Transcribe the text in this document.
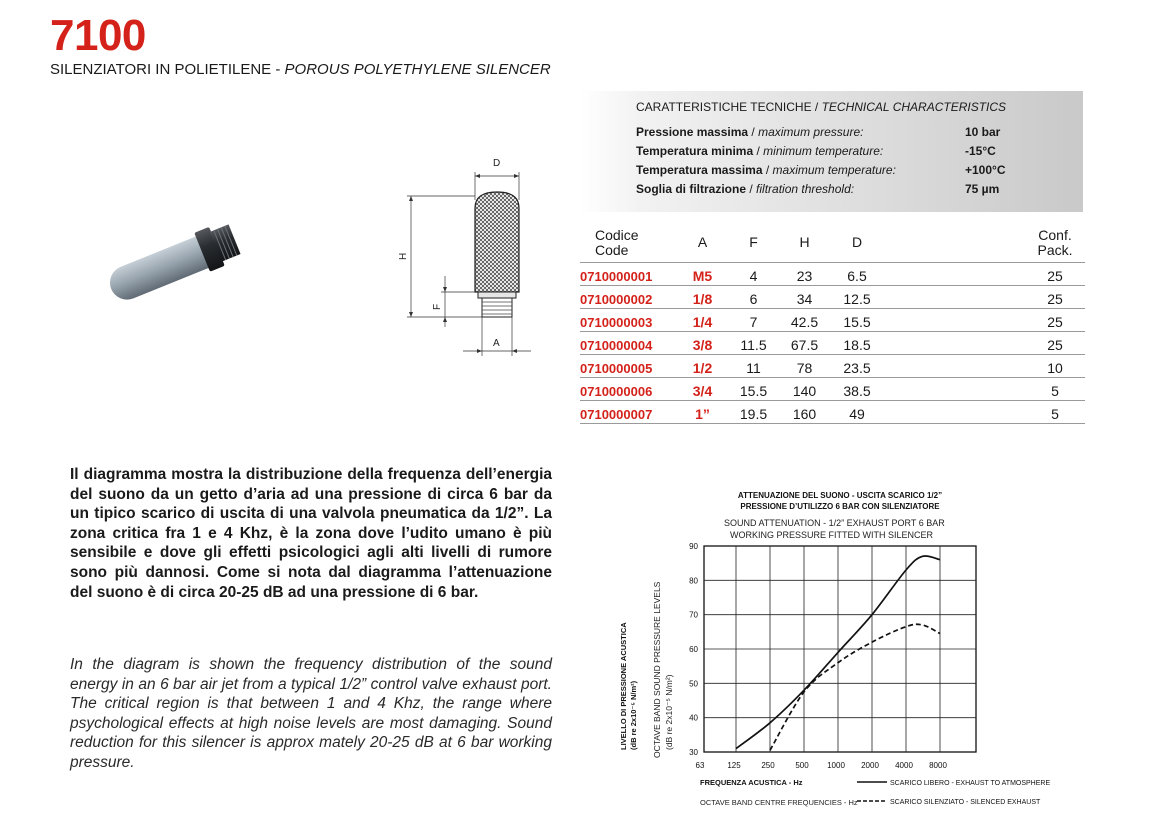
7100
SILENZIATORI IN POLIETILENE - POROUS POLYETHYLENE SILENCER
D
H
F
A
CARATTERISTICHE TECNICHE / TECHNICAL CHARACTERISTICS
Pressione massima / maximum pressure:	10 bar
Temperatura minima / minimum temperature:	-15°C
Temperatura massima / maximum temperature:	+100°C
Soglia di filtrazione / filtration threshold:	75 µm
Codice
Code	A	F	H	D		Conf.
Pack.

0710000001	M5	4	23	6.5		25
0710000002	1/8	6	34	12.5		25
0710000003	1/4	7	42.5	15.5		25
0710000004	3/8	11.5	67.5	18.5		25
0710000005	1/2	11	78	23.5		10
0710000006	3/4	15.5	140	38.5		5
0710000007	1”	19.5	160	49		5

Il diagramma mostra la distribuzione della frequenza dell’energia del suono da un getto d’aria ad una pressione di circa 6 bar da un tipico scarico di uscita di una valvola pneumatica da 1/2”. La zona critica fra 1 e 4 Khz, è la zona dove l’udito umano è più sensibile e dove gli effetti psicologici agli alti livelli di rumore sono più dannosi. Come si nota dal diagramma l’attenuazione del suono è di circa 20-25 dB ad una pressione di 6 bar.

In the diagram is shown the frequency distribution of the sound energy in an 6 bar air jet from a typical 1/2” control valve exhaust port. The critical region is that between 1 and 4 Khz, the range where psychological effects at high noise levels are most damaging. Sound reduction for this silencer is approx mately 20-25 dB at 6 bar working pressure.

ATTENUAZIONE DEL SUONO - USCITA SCARICO 1/2”
PRESSIONE D’UTILIZZO 6 BAR CON SILENZIATORE
SOUND ATTENUATION - 1/2” EXHAUST PORT 6 BAR
WORKING PRESSURE FITTED WITH SILENCER
LIVELLO DI PRESSIONE ACUSTICA (dB re 2x10⁻⁵ N/m²) OCTAVE BAND SOUND PRESSURE LEVELS (dB re 2x10⁻⁵ N/m²)
30
40
50
60
70
80
90
63	125	250	500 1000 2000 4000 8000
FREQUENZA ACUSTICA - Hz
OCTAVE BAND CENTRE FREQUENCIES - Hz
SCARICO LIBERO - EXHAUST TO ATMOSPHERE
SCARICO SILENZIATO - SILENCED EXHAUST
